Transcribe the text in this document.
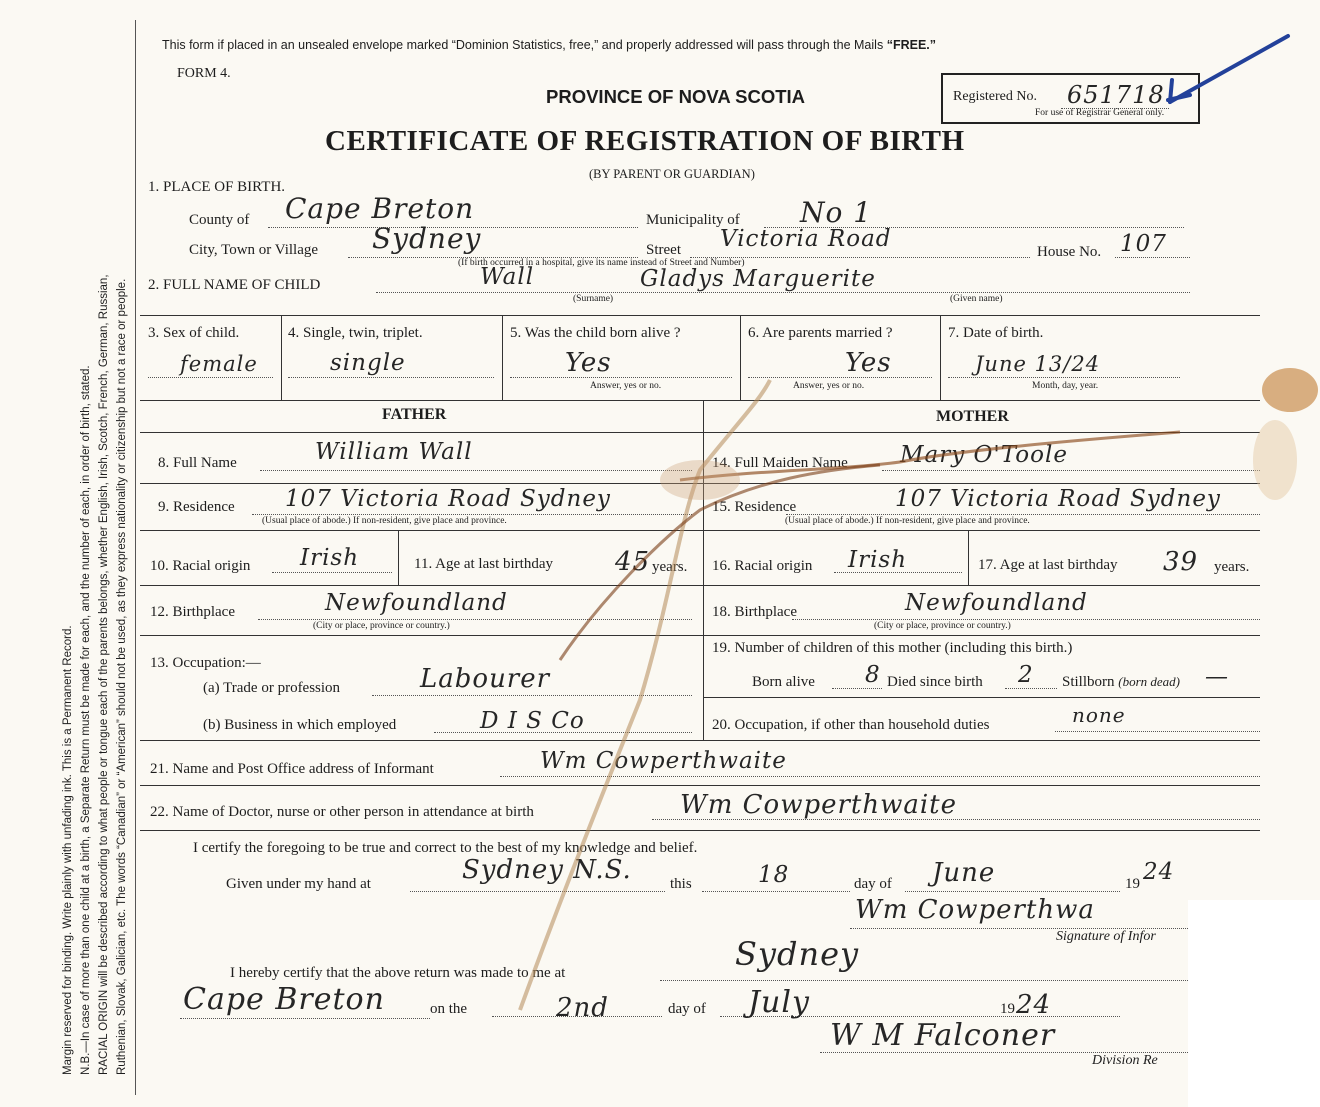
Margin reserved for binding. Write plainly with unfading ink. This is a Permanent Record. N.B.—In case of more than one child at a birth, a Separate Return must be made for each, and the number of each, in order of birth, stated. RACIAL ORIGIN will be described according to what people or tongue each of the parents belongs, whether English, Irish, Scotch, French, German, Russian, Ruthenian, Slovak, Galician, etc. The words “Canadian” or “American” should not be used, as they express nationality or citizenship but not a race or people.
This form if placed in an unsealed envelope marked “Dominion Statistics, free,” and properly addressed will pass through the Mails “FREE.”
FORM 4.
PROVINCE OF NOVA SCOTIA	Registered No. 651718
For use of Registrar General only.
CERTIFICATE OF REGISTRATION OF BIRTH
(BY PARENT OR GUARDIAN)
1. PLACE OF BIRTH.
County of Cape Breton	Municipality of No 1
City, Town or Village Sydney	Street Victoria Road	House No. 107
(If birth occurred in a hospital, give its name instead of Street and Number)
2. FULL NAME OF CHILD	Wall	Gladys Marguerite
(Surname)	(Given name)
3. Sex of child.
female
4. Single, twin, triplet.
single
5. Was the child born alive ?
Yes
Answer, yes or no.
6. Are parents married ?
Yes
Answer, yes or no.
7. Date of birth.
June 13/24
Month, day, year.
FATHER	MOTHER
8. Full Name	William Wall	14. Full Maiden Name Mary O'Toole
9. Residence 107 Victoria Road Sydney
(Usual place of abode.) If non-resident, give place and province.
15. Residence	107 Victoria Road Sydney
(Usual place of abode.) If non-resident, give place and province.
10. Racial origin Irish	11. Age at last birthday 45 years. 16. Racial origin Irish	17. Age at last birthday 39 years.
12. Birthplace	Newfoundland
(City or place, province or country.)
18. Birthplace	Newfoundland
(City or place, province or country.)
13. Occupation:—
(a) Trade or profession	Labourer
(b) Business in which employed	D I S Co
19. Number of children of this mother (including this birth.)
Born alive 8 Died since birth 2 Stillborn (born dead) —
20. Occupation, if other than household duties	none
21. Name and Post Office address of Informant	Wm Cowperthwaite
22. Name of Doctor, nurse or other person in attendance at birth	Wm Cowperthwaite
I certify the foregoing to be true and correct to the best of my knowledge and belief.
Given under my hand at	Sydney N.S.	this	18	day of June	19 24
Wm Cowperthwa
Signature of Infor
I hereby certify that the above return was made to me at	Sydney
Cape Breton	on the	2nd	day of July	19 24
W M Falconer
Division Re
